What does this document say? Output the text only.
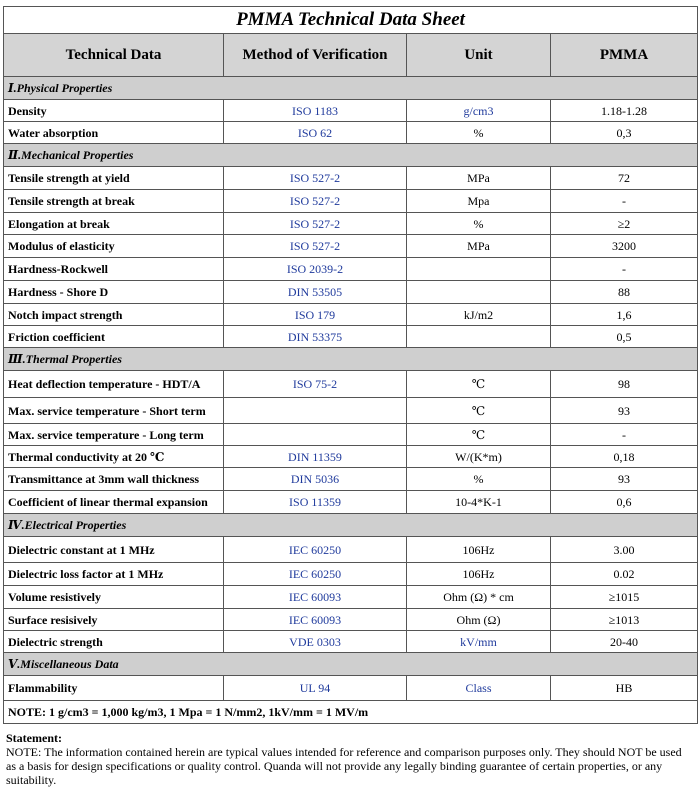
PMMA Technical Data Sheet			
Technical Data	Method of Verification	Unit	PMMA
Ⅰ.Physical Properties			
Density	ISO 1183	g/cm3	1.18-1.28
Water absorption	ISO 62	%	0,3
Ⅱ.Mechanical Properties			
Tensile strength at yield	ISO 527-2	MPa	72
Tensile strength at break	ISO 527-2	Mpa	-
Elongation at break	ISO 527-2	%	≥2
Modulus of elasticity	ISO 527-2	MPa	3200
Hardness-Rockwell	ISO 2039-2		-
Hardness - Shore D	DIN 53505		88
Notch impact strength	ISO 179	kJ/m2	1,6
Friction coefficient	DIN 53375		0,5
Ⅲ.Thermal Properties			
Heat deflection temperature - HDT/A	ISO 75-2	℃	98
Max. service temperature - Short term		℃	93
Max. service temperature - Long term		℃	-
Thermal conductivity at 20 ℃	DIN 11359	W/(K*m)	0,18
Transmittance at 3mm wall thickness	DIN 5036	%	93
Coefficient of linear thermal expansion	ISO 11359	10-4*K-1	0,6
Ⅳ.Electrical Properties			
Dielectric constant at 1 MHz	IEC 60250	106Hz	3.00
Dielectric loss factor at 1 MHz	IEC 60250	106Hz	0.02
Volume resistively	IEC 60093	Ohm (Ω) * cm	≥1015
Surface resisively	IEC 60093	Ohm (Ω)	≥1013
Dielectric strength	VDE 0303	kV/mm	20-40
Ⅴ.Miscellaneous Data			
Flammability	UL 94	Class	HB
NOTE: 1 g/cm3 = 1,000 kg/m3, 1 Mpa = 1 N/mm2, 1kV/mm = 1 MV/m			
Statement:
NOTE: The information contained herein are typical values intended for reference and comparison purposes only. They should NOT be used as a basis for design specifications or quality control. Quanda will not provide any legally binding guarantee of certain properties, or any suitability.
